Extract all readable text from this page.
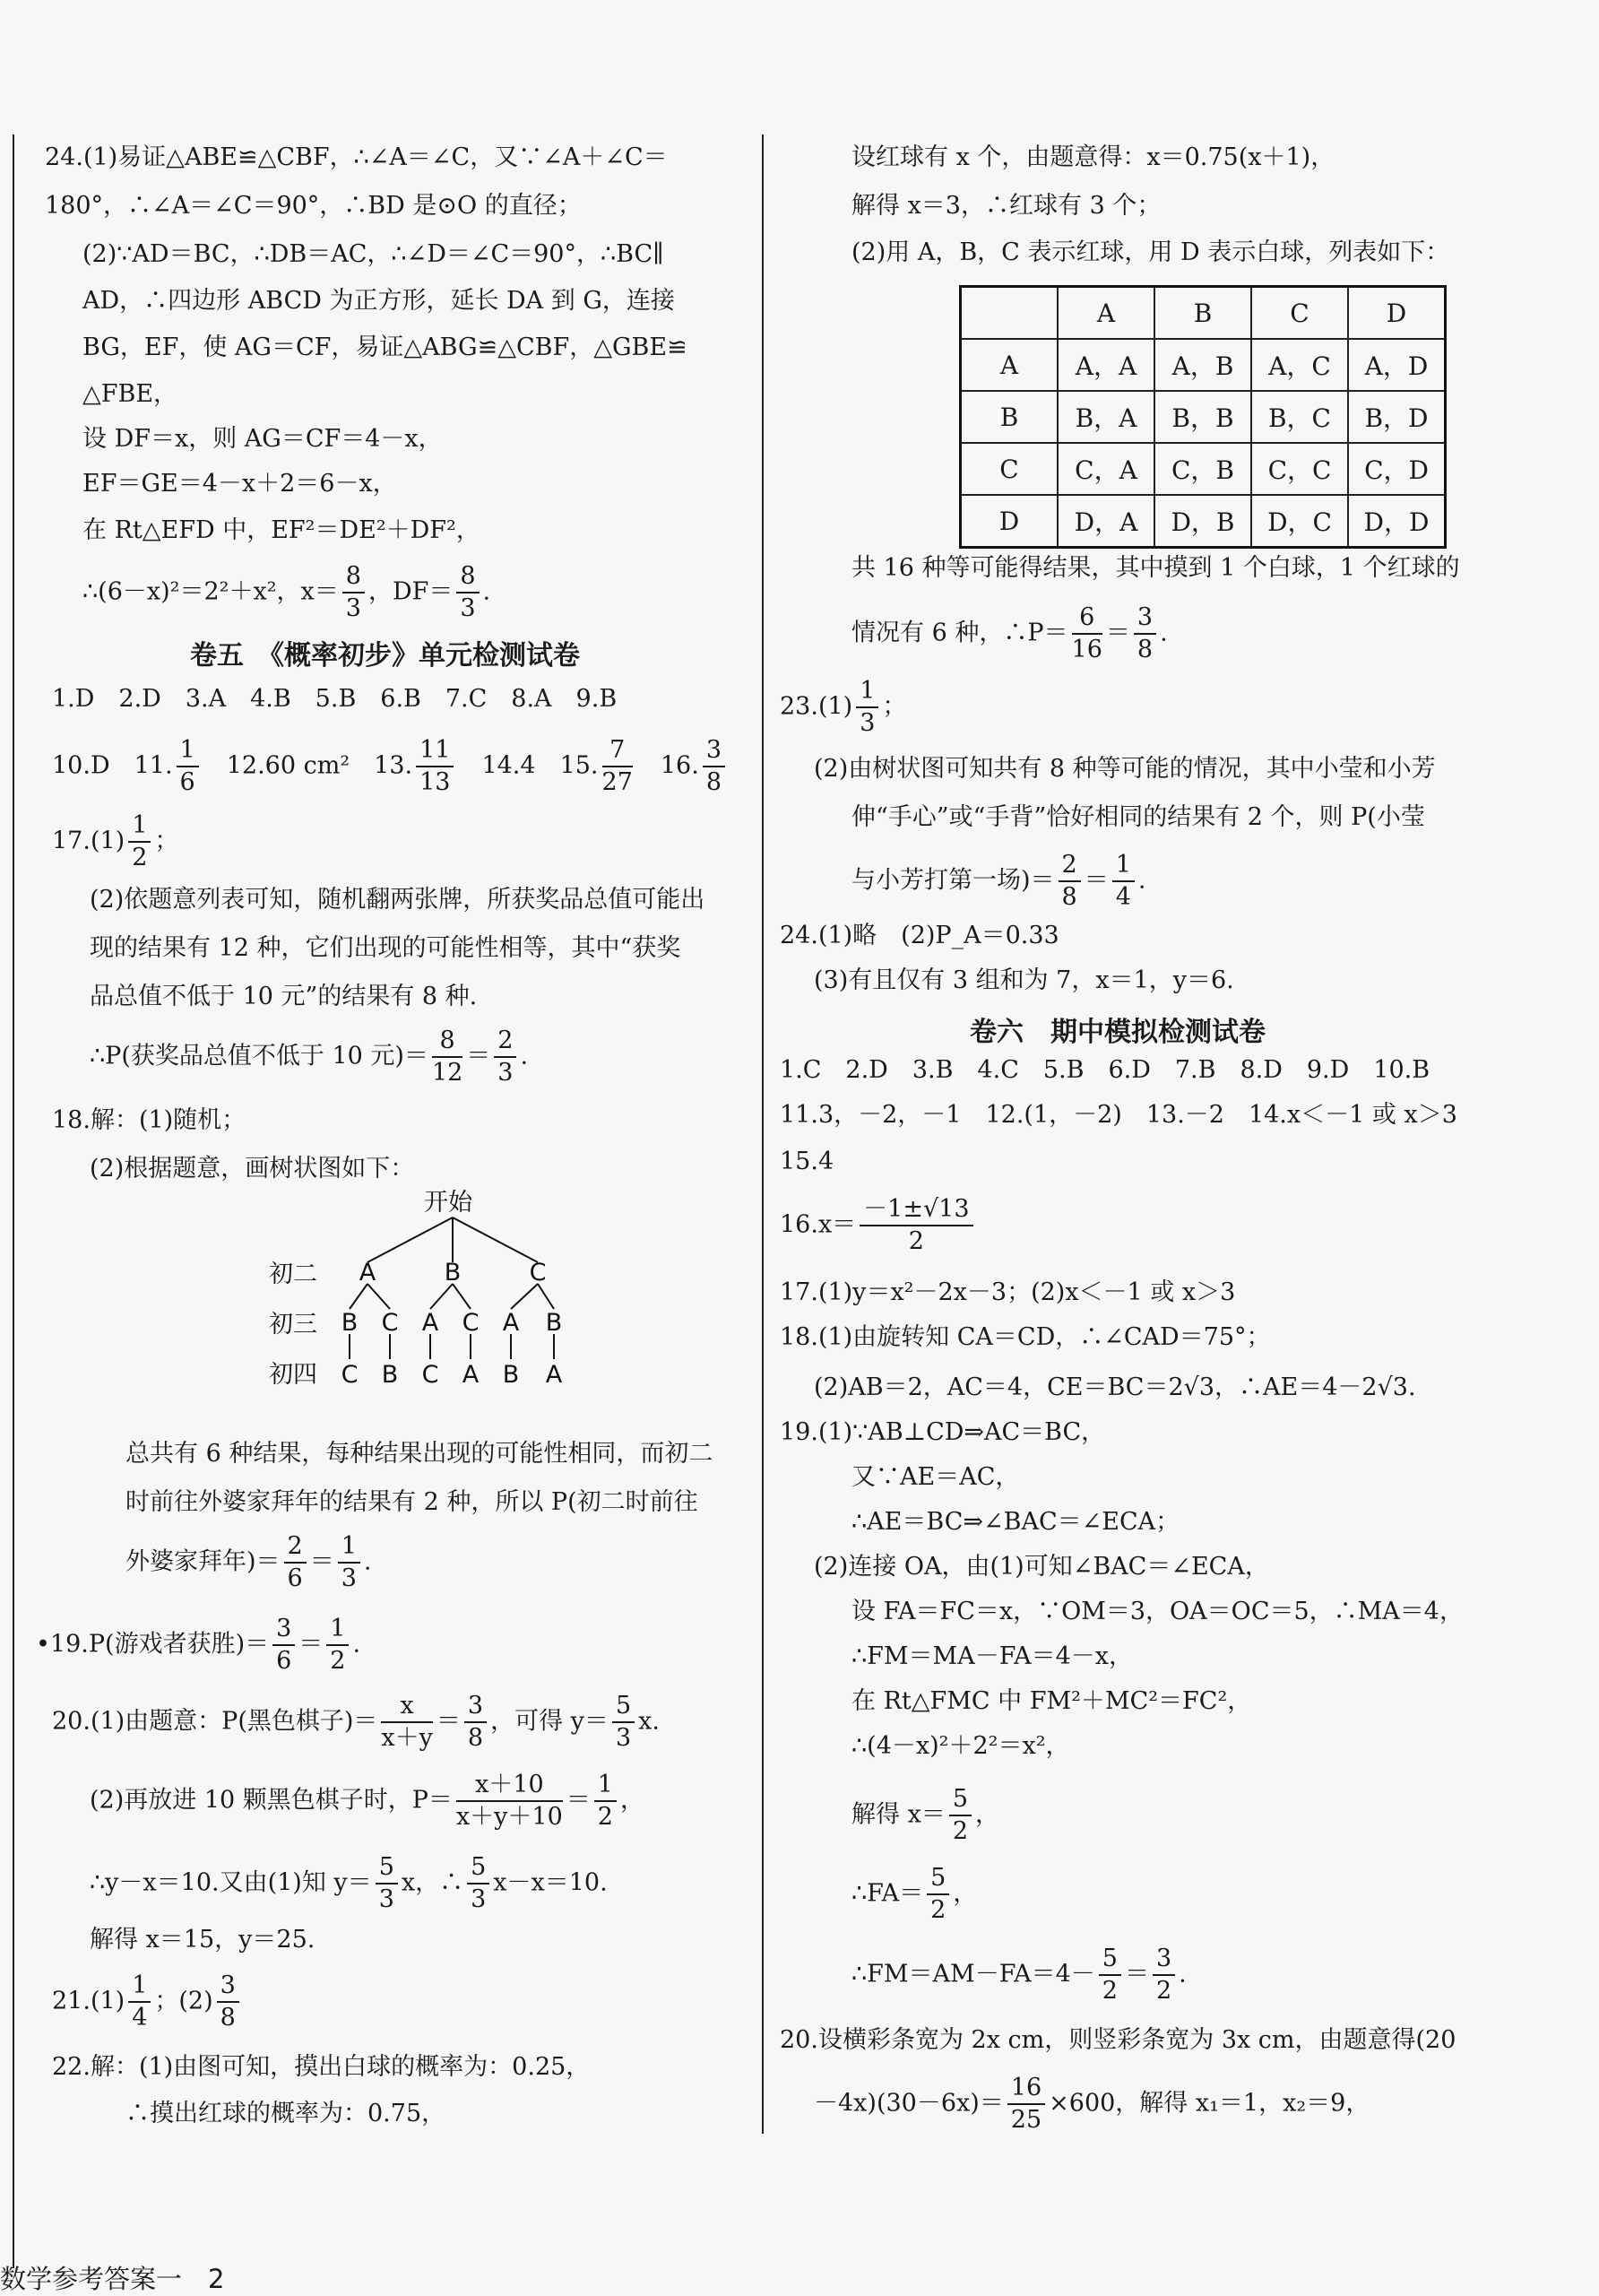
24.(1)易证△ABE≌△CBF，∴∠A＝∠C，又∵∠A＋∠C＝
180°，∴∠A＝∠C＝90°，∴BD 是⊙O 的直径；
(2)∵AD＝BC，∴DB＝AC，∴∠D＝∠C＝90°，∴BC∥
AD，∴四边形 ABCD 为正方形，延长 DA 到 G，连接
BG，EF，使 AG＝CF，易证△ABG≌△CBF，△GBE≌
△FBE，
设 DF＝x，则 AG＝CF＝4－x，
EF＝GE＝4－x＋2＝6－x，
在 Rt△EFD 中，EF²＝DE²＋DF²，
∴(6－x)²＝2²＋x²，$x= \frac{8}{3}$ ，$DF= \frac{8}{3}$ .
卷五　《概率初步》单元检测试卷
1.D　2.D　3.A　4.B　5.B　6.B　7.C　8.A　9.B
10.D　11. $\frac{1}{6}$ 　12.60 cm²　13. $\frac{11}{13}$ 　14.4　15. $\frac{7}{27}$ 　16. $\frac{3}{8}$
$17.(1) \frac{1}{2}$ ；
(2)依题意列表可知，随机翻两张牌，所获奖品总值可能出
现的结果有 12 种，它们出现的可能性相等，其中“获奖
品总值不低于 10 元”的结果有 8 种.
∴P(获奖品总值不低于 10 元)＝ $\frac{8}{12} = \frac{2}{3}$ .
18.解：(1)随机；
(2)根据题意，画树状图如下：
开始
初二
初三
初四
A	B	C
B C A C A B
C B C A B A
总共有 6 种结果，每种结果出现的可能性相同，而初二
时前往外婆家拜年的结果有 2 种，所以 P(初二时前往
外婆家拜年)＝ $\frac{2}{6} = \frac{1}{3}$ .
•19.P(游戏者获胜)＝ $\frac{3}{6} = \frac{1}{2}$ .
20.(1)由题意：P(黑色棋子)＝ $\frac{x}{x+y} = \frac{3}{8}$ ，可得 $y= \frac{5}{3} x$.
(2)再放进 10 颗黑色棋子时，$P= \frac{x+10}{x+y+10} = \frac{1}{2}$ ，
∴y－x＝10.又由(1)知 $y= \frac{5}{3}$ x，∴ $\frac{5}{3} x-x=10$.
解得 x＝15，y＝25.
$21.(1) \frac{1}{4}$ ；$(2) \frac{3}{8}$
22.解：(1)由图可知，摸出白球的概率为：0.25，
∴摸出红球的概率为：0.75，
数学参考答案一　2
设红球有 x 个，由题意得：x＝0.75(x＋1)，
解得 x＝3，∴红球有 3 个；
(2)用 A，B，C 表示红球，用 D 表示白球，列表如下：
	A	B	C	D
A	A，A	A，B	A，C	A，D
B	B，A	B，B	B，C	B，D
C	C，A	C，B	C，C	C，D
D	D，A	D，B	D，C	D，D
共 16 种等可能得结果，其中摸到 1 个白球，1 个红球的
情况有 6 种，∴P＝ $\frac{6}{16} = \frac{3}{8}$ .
$23.(1) \frac{1}{3}$ ；
(2)由树状图可知共有 8 种等可能的情况，其中小莹和小芳
伸“手心”或“手背”恰好相同的结果有 2 个，则 P(小莹
与小芳打第一场)＝ $\frac{2}{8} = \frac{1}{4}$ .
24.(1)略　(2)P_A＝0.33
(3)有且仅有 3 组和为 7，x＝1，y＝6.
卷六　期中模拟检测试卷
1.C　2.D　3.B　4.C　5.B　6.D　7.B　8.D　9.D　10.B
11.3，－2，－1　12.(1，－2)　13.－2　14.x＜－1 或 x＞3
15.4
$16.x= \frac{-1\pm√13}{2}$
17.(1)y＝x²－2x－3；(2)x＜－1 或 x＞3
18.(1)由旋转知 CA＝CD，∴∠CAD＝75°；
(2)AB＝2，AC＝4，CE＝BC＝2√3，∴AE＝4－2√3.
19.(1)∵AB⊥CD⇒AC＝BC，
又∵AE＝AC，
∴AE＝BC⇒∠BAC＝∠ECA；
(2)连接 OA，由(1)可知∠BAC＝∠ECA，
设 FA＝FC＝x，∵OM＝3，OA＝OC＝5，∴MA＝4，
∴FM＝MA－FA＝4－x，
在 Rt△FMC 中 FM²＋MC²＝FC²，
∴(4－x)²＋2²＝x²，
解得 $x= \frac{5}{2}$ ，
∴FA＝ $\frac{5}{2}$ ，
∴FM＝AM－FA＝4－ $\frac{5}{2} = \frac{3}{2}$ .
20.设横彩条宽为 2x cm，则竖彩条宽为 3x cm，由题意得(20
$-4x)(30-6x)= \frac{16}{25} \times 600$，解得 x₁＝1，x₂＝9，
